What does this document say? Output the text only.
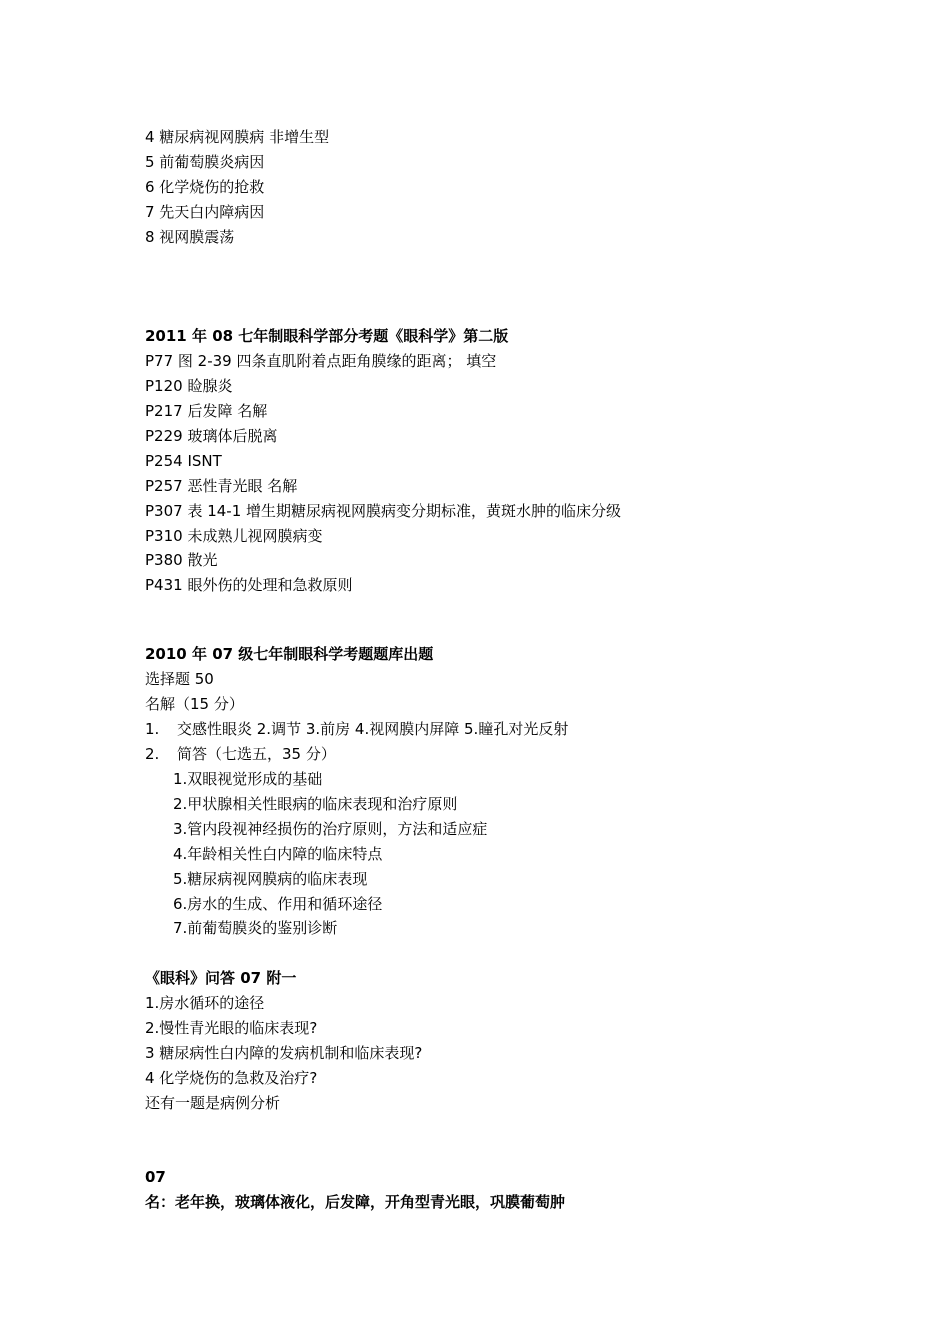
4 糖尿病视网膜病 非增生型
5 前葡萄膜炎病因
6 化学烧伤的抢救
7 先天白内障病因
8 视网膜震荡
2011 年 08 七年制眼科学部分考题《眼科学》第二版
P77 图 2-39 四条直肌附着点距角膜缘的距离； 填空
P120 睑腺炎
P217 后发障 名解
P229 玻璃体后脱离
P254 ISNT
P257 恶性青光眼 名解
P307 表 14-1 增生期糖尿病视网膜病变分期标准，黄斑水肿的临床分级
P310 未成熟儿视网膜病变
P380 散光
P431 眼外伤的处理和急救原则
2010 年 07 级七年制眼科学考题题库出题
选择题 50
名解（15 分）
1. 交感性眼炎 2.调节 3.前房 4.视网膜内屏障 5.瞳孔对光反射
2. 简答（七选五，35 分）
1.双眼视觉形成的基础
2.甲状腺相关性眼病的临床表现和治疗原则
3.管内段视神经损伤的治疗原则，方法和适应症
4.年龄相关性白内障的临床特点
5.糖尿病视网膜病的临床表现
6.房水的生成、作用和循环途径
7.前葡萄膜炎的鉴别诊断
《眼科》问答 07 附一
1.房水循环的途径
2.慢性青光眼的临床表现?
3 糖尿病性白内障的发病机制和临床表现?
4 化学烧伤的急救及治疗?
还有一题是病例分析
07
名：老年换，玻璃体液化，后发障，开角型青光眼，巩膜葡萄肿
